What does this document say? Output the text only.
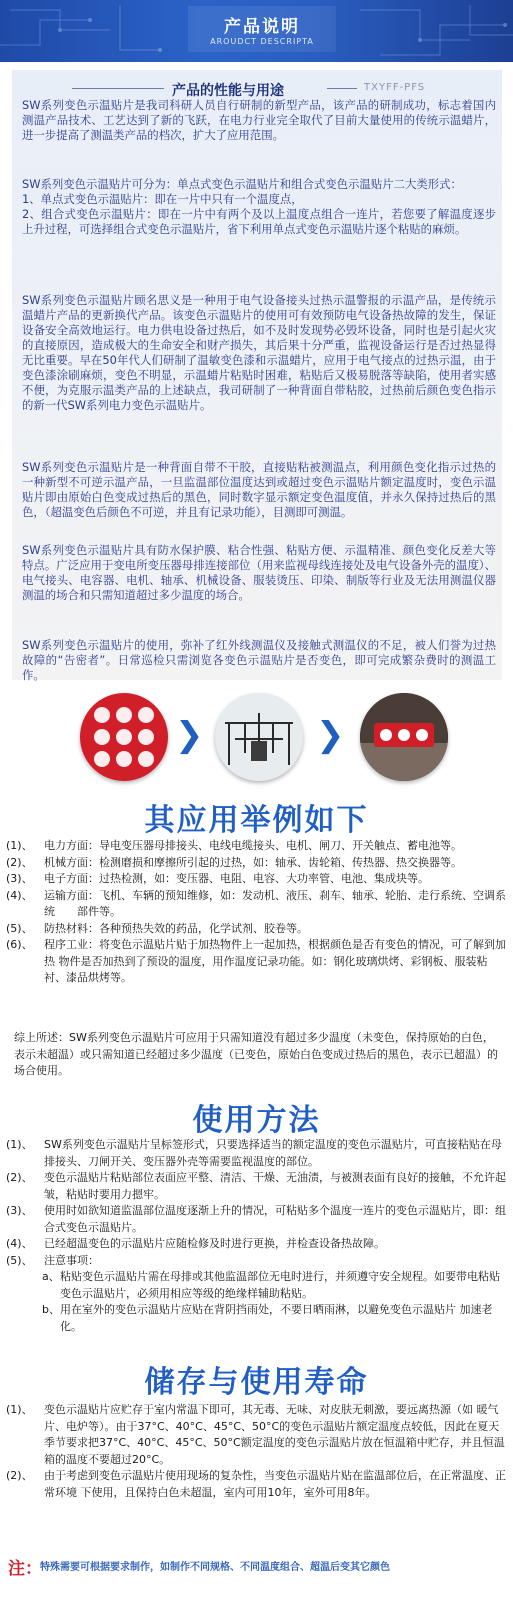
产品说明
AROUDCT DESCRIPTA
产品的性能与用途	TXYFF-PFS

SW系列变色示温贴片是我司科研人员自行研制的新型产品，该产品的研制成功，标志着国内测温产品技术、工艺达到了新的飞跃，在电力行业完全取代了目前大量使用的传统示温蜡片，进一步提高了测温类产品的档次，扩大了应用范围。

SW系列变色示温贴片可分为：单点式变色示温贴片和组合式变色示温贴片二大类形式：
1、单点式变色示温贴片：即在一片中只有一个温度点，
2、组合式变色示温贴片：即在一片中有两个及以上温度点组合一连片，若您要了解温度逐步上升过程，可选择组合式变色示温贴片，省下利用单点式变色示温贴片逐个粘贴的麻烦。

SW系列变色示温贴片顾名思义是一种用于电气设备接头过热示温警报的示温产品，是传统示温蜡片产品的更新换代产品。该变色示温贴片的使用可有效预防电气设备热故障的发生，保证设备安全高效地运行。电力供电设备过热后，如不及时发现势必毁坏设备，同时也是引起火灾的直接原因，造成极大的生命安全和财产损失，其后果十分严重，监视设备运行是否过热显得无比重要。早在50年代人们研制了温敏变色漆和示温蜡片，应用于电气接点的过热示温，由于变色漆涂刷麻烦，变色不明显，示温蜡片粘贴时困难，粘贴后又极易脱落等缺陷，使用者实感不便，为克服示温类产品的上述缺点，我司研制了一种背面自带粘胶，过热前后颜色变色指示的新一代SW系列电力变色示温贴片。

SW系列变色示温贴片是一种背面自带不干胶，直接贴粘被测温点，利用颜色变化指示过热的一种新型不可逆示温产品，一旦监温部位温度达到或超过变色示温贴片额定温度时，变色示温贴片即由原始白色变成过热后的黑色，同时数字显示额定变色温度值，并永久保持过热后的黑色，（超温变色后颜色不可逆，并且有记录功能），目测即可测温。

SW系列变色示温贴片具有防水保护膜、粘合性强、粘贴方便、示温精准、颜色变化反差大等特点。广泛应用于变电所变压器母排连接部位（用来监视母线连接处及电气设备外壳的温度）、电气接头、电容器、电机、轴承、机械设备、服装烫压、印染、制版等行业及无法用测温仪器测温的场合和只需知道超过多少温度的场合。

SW系列变色示温贴片的使用，弥补了红外线测温仪及接触式测温仪的不足，被人们誉为过热故障的“告密者”。日常巡检只需浏览各变色示温贴片是否变色，即可完成繁杂费时的测温工作。

❯	❯
其应用举例如下
(1)、 电力方面：导电变压器母排接头、电线电缆接头、电机、闸刀、开关触点、蓄电池等。
(2)、 机械方面：检测磨损和摩擦所引起的过热，如：轴承、齿轮箱、传热器、热交换器等。
(3)、 电子方面：过热检测，如：变压器、电阻、电容、大功率管、电池、集成块等。
(4)、 运输方面：飞机、车辆的预知维修，如：发动机、液压、刹车、轴承、轮胎、走行系统、空调系统　　部件等。
(5)、 防热材料：各种预热失效的药品，化学试剂、胶卷等。
(6)、 程序工业：将变色示温贴片贴于加热物件上一起加热，根据颜色是否有变色的情况，可了解到加热 物件是否加热到了预设的温度，用作温度记录功能。如：钢化玻璃烘烤、彩钢板、服装粘衬、漆品烘烤等。
综上所述：SW系列变色示温贴片可应用于只需知道没有超过多少温度（未变色，保持原始的白色，表示未超温）或只需知道已经超过多少温度（已变色，原始白色变成过热后的黑色，表示已超温）的场合使用。
使用方法
(1)、 SW系列变色示温贴片呈标签形式，只要选择适当的额定温度的变色示温贴片，可直接粘贴在母排接头、刀闸开关、变压器外壳等需要监视温度的部位。
(2)、 变色示温贴片粘贴部位表面应平整、清洁、干燥、无油渍，与被测表面有良好的接触，不允许起皱，粘贴时要用力摁牢。
(3)、 使用时如欲知道监温部位温度逐渐上升的情况，可粘贴多个温度一连片的变色示温贴片，即：组合式变色示温贴片。
(4)、 已经超温变色的示温贴片应随检修及时进行更换，并检查设备热故障。
(5)、 注意事项：
a、 粘贴变色示温贴片需在母排或其他监温部位无电时进行，并须遵守安全规程。如要带电粘贴变色示温贴片，必须用相应等级的绝缘样辅助粘贴。
b、 用在室外的变色示温贴片应贴在背阴挡雨处，不要日晒雨淋，以避免变色示温贴片 加速老化。
储存与使用寿命
(1)、 变色示温贴片应贮存于室内常温下即可，其无毒、无味、对皮肤无刺激，要远离热源（如 暖气片、电炉等）。由于37°C、40°C、45°C、50°C的变色示温贴片额定温度点较低，因此在夏天季节要求把37°C、40°C、45°C、50°C额定温度的变色示温贴片放在恒温箱中贮存，并且恒温箱的温度不要超过20°C。
(2)、 由于考虑到变色示温贴片使用现场的复杂性，当变色示温贴片贴在监温部位后，在正常温度、正常环境 下使用，且保持白色未超温，室内可用10年，室外可用8年。
注：
特殊需要可根据要求制作，如制作不同规格、不同温度组合、超温后变其它颜色
